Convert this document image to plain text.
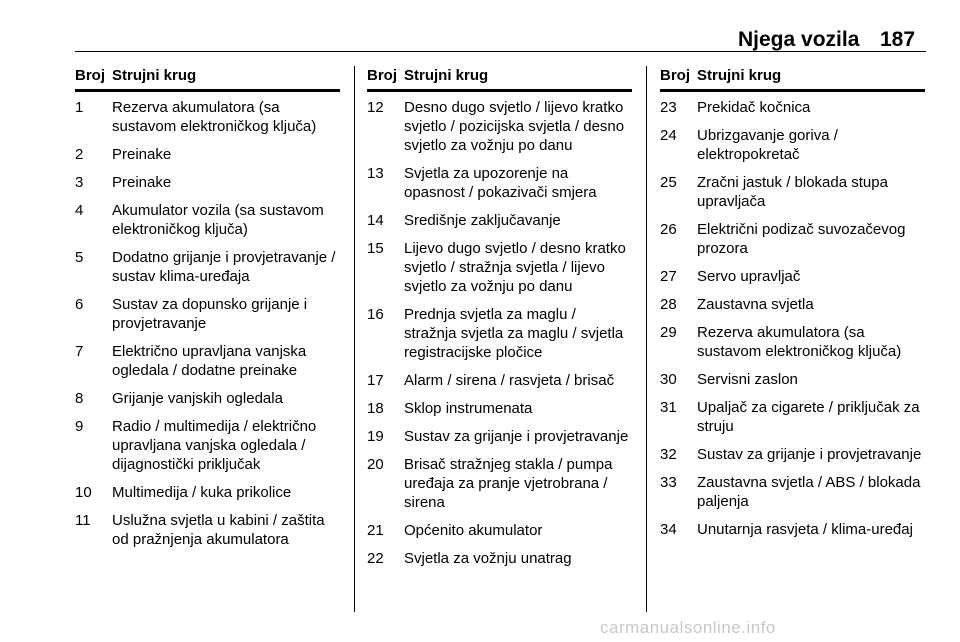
Njega vozila 187
Broj Strujni krug
1	Rezerva akumulatora (sa sustavom elektroničkog ključa)
2	Preinake
3	Preinake
4	Akumulator vozila (sa sustavom elektroničkog ključa)
5	Dodatno grijanje i provjetravanje / sustav klima-uređaja
6	Sustav za dopunsko grijanje i provjetravanje
7	Električno upravljana vanjska ogledala / dodatne preinake
8	Grijanje vanjskih ogledala
9	Radio / multimedija / električno upravljana vanjska ogledala / dijagnostički priključak
10	Multimedija / kuka prikolice
11	Uslužna svjetla u kabini / zaštita od pražnjenja akumulatora
Broj Strujni krug
12	Desno dugo svjetlo / lijevo kratko svjetlo / pozicijska svjetla / desno svjetlo za vožnju po danu
13	Svjetla za upozorenje na opasnost / pokazivači smjera
14	Središnje zaključavanje
15	Lijevo dugo svjetlo / desno kratko svjetlo / stražnja svjetla / lijevo svjetlo za vožnju po danu
16	Prednja svjetla za maglu / stražnja svjetla za maglu / svjetla registracijske pločice
17	Alarm / sirena / rasvjeta / brisač
18	Sklop instrumenata
19	Sustav za grijanje i provjetravanje
20	Brisač stražnjeg stakla / pumpa uređaja za pranje vjetrobrana / sirena
21	Općenito akumulator
22	Svjetla za vožnju unatrag
Broj Strujni krug
23	Prekidač kočnica
24	Ubrizgavanje goriva / elektropokretač
25	Zračni jastuk / blokada stupa upravljača
26	Električni podizač suvozačevog prozora
27	Servo upravljač
28	Zaustavna svjetla
29	Rezerva akumulatora (sa sustavom elektroničkog ključa)
30	Servisni zaslon
31	Upaljač za cigarete / priključak za struju
32	Sustav za grijanje i provjetravanje
33	Zaustavna svjetla / ABS / blokada paljenja
34	Unutarnja rasvjeta / klima-uređaj
carmanualsonline.info
